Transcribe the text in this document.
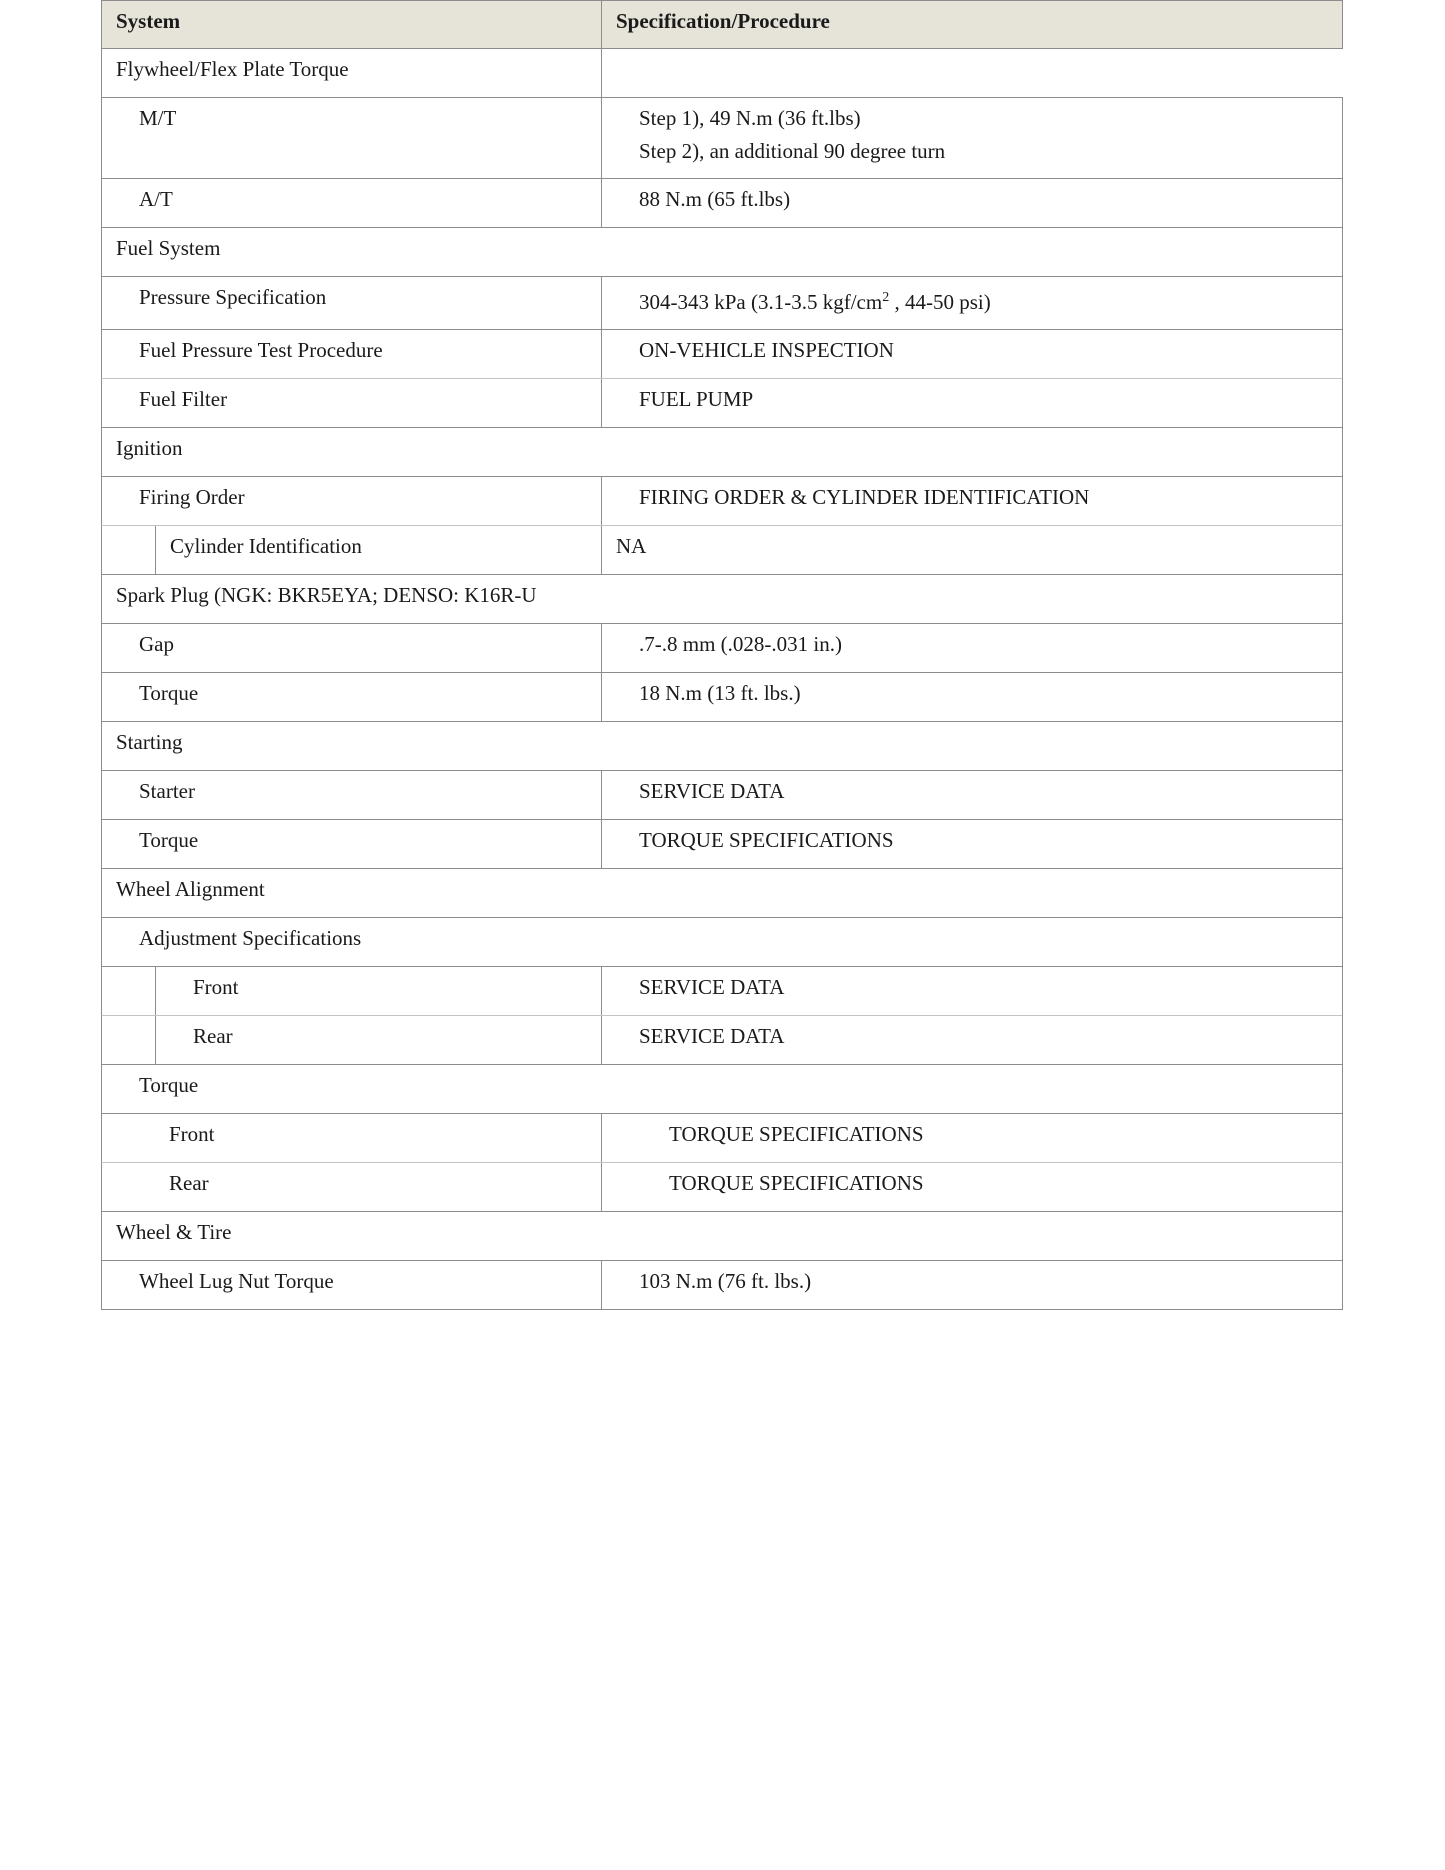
System	Specification/Procedure
Flywheel/Flex Plate Torque
M/T	Step 1), 49 N.m (36 ft.lbs)
Step 2), an additional 90 degree turn
A/T	88 N.m (65 ft.lbs)
Fuel System
Pressure Specification	304-343 kPa (3.1-3.5 kgf/$cm^2$ , 44-50 psi)
Fuel Pressure Test Procedure	ON-VEHICLE INSPECTION
Fuel Filter	FUEL PUMP
Ignition
Firing Order	FIRING ORDER & CYLINDER IDENTIFICATION
Cylinder Identification	NA
Spark Plug (NGK: BKR5EYA; DENSO: K16R-U
Gap	.7-.8 mm (.028-.031 in.)
Torque	18 N.m (13 ft. lbs.)
Starting
Starter	SERVICE DATA
Torque	TORQUE SPECIFICATIONS
Wheel Alignment
Adjustment Specifications
Front	SERVICE DATA
Rear	SERVICE DATA
Torque
Front	TORQUE SPECIFICATIONS
Rear	TORQUE SPECIFICATIONS
Wheel & Tire
Wheel Lug Nut Torque	103 N.m (76 ft. lbs.)
